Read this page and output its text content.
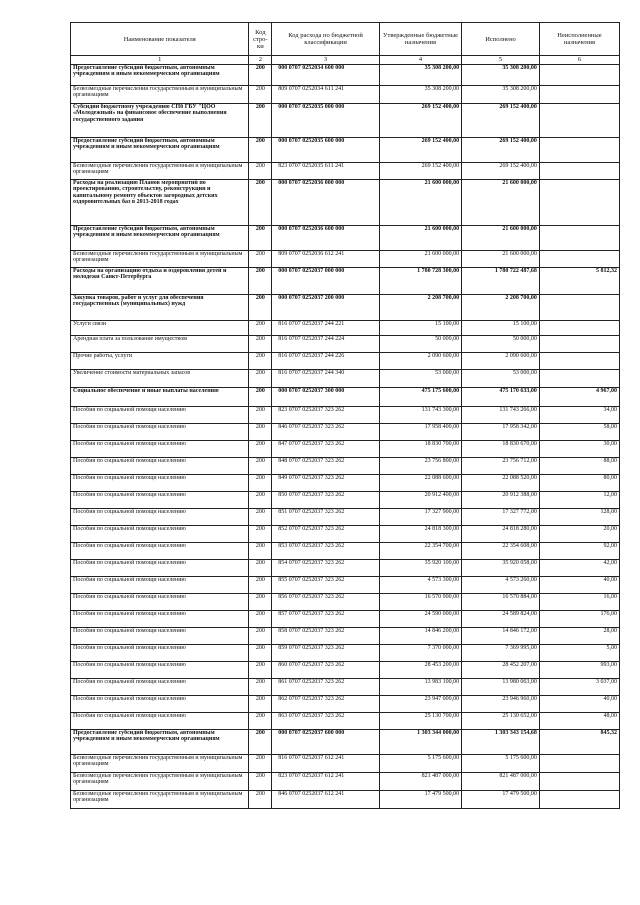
Наименование показателя	Код стро-ки	Код расхода по бюджетной классификации	Утвержденные бюджетные назначения	Исполнено	Неисполненные назначения
1	2	3	4	5	6
Предоставление субсидий бюджетным, автономным учреждениям и иным некоммерческим организациям	200	000 0707 0252034 600 000	35 308 200,00	35 308 200,00	
Безвозмездные перечисления государственным и муниципальным организациям	200	809 0707 0252034 611 241	35 308 200,00	35 308 200,00	
Субсидии бюджетному учреждению СПб ГБУ "ЦОО «Молодежный» на финансовое обеспечение выполнения государственного задания	200	000 0707 0252035 000 000	269 152 400,00	269 152 400,00	
Предоставление субсидий бюджетным, автономным учреждениям и иным некоммерческим организациям	200	000 0707 0252035 600 000	269 152 400,00	269 152 400,00	
Безвозмездные перечисления государственным и муниципальным организациям	200	823 0707 0252035 611 241	269 152 400,00	269 152 400,00	
Расходы на реализацию Планов мероприятий по проектированию, строительству, реконструкции и капитальному ремонту объектов загородных детских оздоровительных баз в 2013-2018 годах	200	000 0707 0252036 000 000	21 600 000,00	21 600 000,00	
Предоставление субсидий бюджетным, автономным учреждениям и иным некоммерческим организациям	200	000 0707 0252036 600 000	21 600 000,00	21 600 000,00	
Безвозмездные перечисления государственным и муниципальным организациям	200	809 0707 0252036 612 241	21 600 000,00	21 600 000,00	
Расходы на организацию отдыха и оздоровления детей и молодежи Санкт-Петербурга	200	000 0707 0252037 000 000	1 780 728 300,00	1 780 722 487,68	5 812,32
Закупка товаров, работ и услуг для обеспечения государственных (муниципальных) нужд	200	000 0707 0252037 200 000	2 208 700,00	2 208 700,00	
Услуги связи	200	816 0707 0252037 244 221	15 100,00	15 100,00	
Арендная плата за пользование имуществом	200	816 0707 0252037 244 224	50 000,00	50 000,00	
Прочие работы, услуги	200	816 0707 0252037 244 226	2 090 600,00	2 090 600,00	
Увеличение стоимости материальных запасов	200	816 0707 0252037 244 340	53 000,00	53 000,00	
Социальное обеспечение и иные выплаты населению	200	000 0707 0252037 300 000	475 175 600,00	475 170 633,00	4 967,00
Пособия по социальной помощи населению	200	823 0707 0252037 323 262	131 743 300,00	131 743 266,00	34,00
Пособия по социальной помощи населению	200	846 0707 0252037 323 262	17 958 400,00	17 958 342,00	58,00
Пособия по социальной помощи населению	200	847 0707 0252037 323 262	18 830 700,00	18 830 670,00	30,00
Пособия по социальной помощи населению	200	848 0707 0252037 323 262	23 756 800,00	23 756 712,00	88,00
Пособия по социальной помощи населению	200	849 0707 0252037 323 262	22 088 600,00	22 088 520,00	80,00
Пособия по социальной помощи населению	200	850 0707 0252037 323 262	20 912 400,00	20 912 388,00	12,00
Пособия по социальной помощи населению	200	851 0707 0252037 323 262	17 327 900,00	17 327 772,00	128,00
Пособия по социальной помощи населению	200	852 0707 0252037 323 262	24 818 300,00	24 818 280,00	20,00
Пособия по социальной помощи населению	200	853 0707 0252037 323 262	22 354 700,00	22 354 608,00	92,00
Пособия по социальной помощи населению	200	854 0707 0252037 323 262	35 920 100,00	35 920 058,00	42,00
Пособия по социальной помощи населению	200	855 0707 0252037 323 262	4 573 300,00	4 573 260,00	40,00
Пособия по социальной помощи населению	200	856 0707 0252037 323 262	16 570 900,00	16 570 884,00	16,00
Пособия по социальной помощи населению	200	857 0707 0252037 323 262	24 590 000,00	24 589 824,00	176,00
Пособия по социальной помощи населению	200	858 0707 0252037 323 262	14 846 200,00	14 846 172,00	28,00
Пособия по социальной помощи населению	200	859 0707 0252037 323 262	7 370 000,00	7 369 995,00	5,00
Пособия по социальной помощи населению	200	860 0707 0252037 323 262	28 453 200,00	28 452 207,00	993,00
Пособия по социальной помощи населению	200	861 0707 0252037 323 262	13 983 100,00	13 980 063,00	3 037,00
Пособия по социальной помощи населению	200	862 0707 0252037 323 262	23 947 000,00	23 946 960,00	40,00
Пособия по социальной помощи населению	200	863 0707 0252037 323 262	25 130 700,00	25 130 652,00	48,00
Предоставление субсидий бюджетным, автономным учреждениям и иным некоммерческим организациям	200	000 0707 0252037 600 000	1 303 344 000,00	1 303 343 154,68	845,32
Безвозмездные перечисления государственным и муниципальным организациям	200	816 0707 0252037 612 241	5 175 600,00	5 175 600,00	
Безвозмездные перечисления государственным и муниципальным организациям	200	823 0707 0252037 612 241	821 487 000,00	821 487 000,00	
Безвозмездные перечисления государственным и муниципальным организациям	200	846 0707 0252037 612 241	17 479 500,00	17 479 500,00	
